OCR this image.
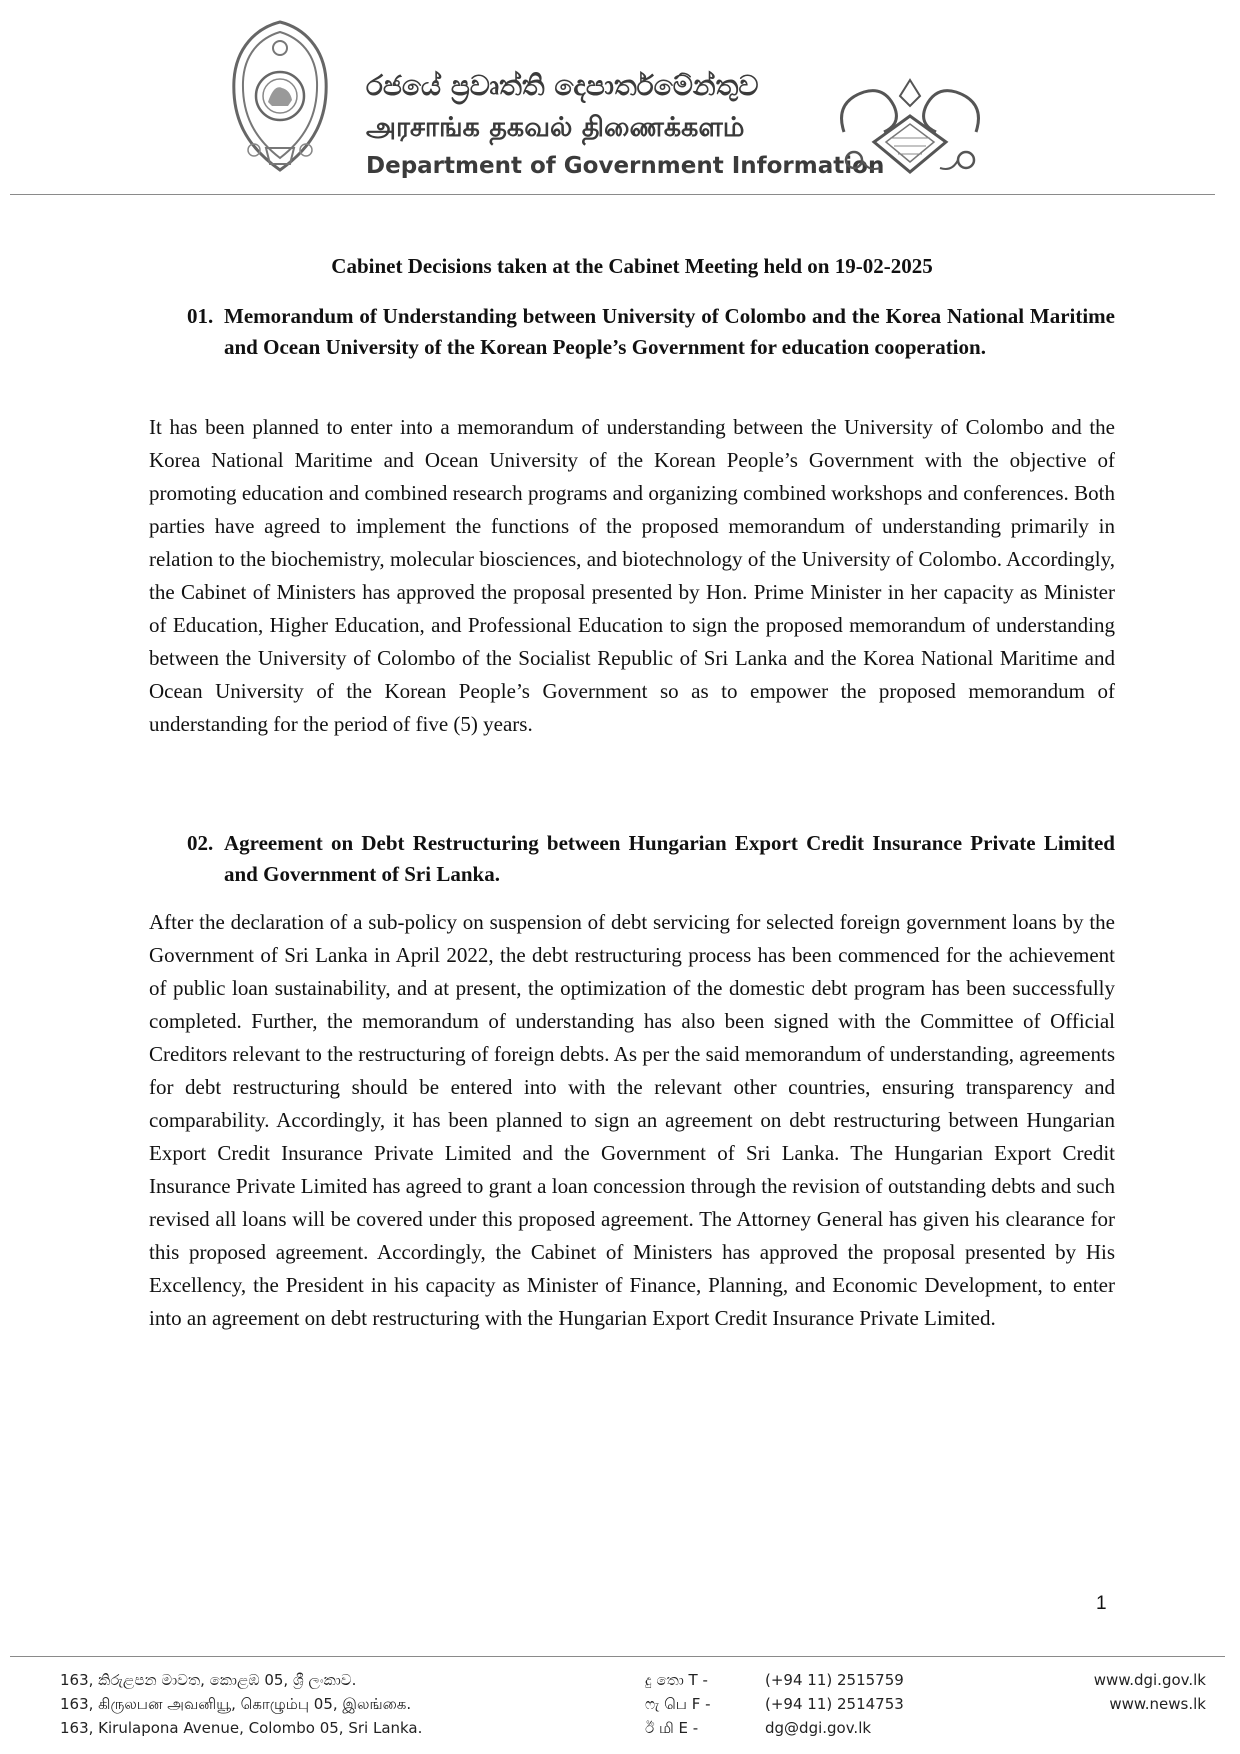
රජයේ ප්‍රවෘත්ති දෙපාර්තමේන්තුව
அரசாங்க தகவல் திணைக்களம்
Department of Government Information
Cabinet Decisions taken at the Cabinet Meeting held on 19-02-2025
01. Memorandum of Understanding between University of Colombo and the Korea National Maritime and Ocean University of the Korean People’s Government for education cooperation.
It has been planned to enter into a memorandum of understanding between the University of Colombo and the Korea National Maritime and Ocean University of the Korean People’s Government with the objective of promoting education and combined research programs and organizing combined workshops and conferences. Both parties have agreed to implement the functions of the proposed memorandum of understanding primarily in relation to the biochemistry, molecular biosciences, and biotechnology of the University of Colombo. Accordingly, the Cabinet of Ministers has approved the proposal presented by Hon. Prime Minister in her capacity as Minister of Education, Higher Education, and Professional Education to sign the proposed memorandum of understanding between the University of Colombo of the Socialist Republic of Sri Lanka and the Korea National Maritime and Ocean University of the Korean People’s Government so as to empower the proposed memorandum of understanding for the period of five (5) years.
02. Agreement on Debt Restructuring between Hungarian Export Credit Insurance Private Limited and Government of Sri Lanka.
After the declaration of a sub-policy on suspension of debt servicing for selected foreign government loans by the Government of Sri Lanka in April 2022, the debt restructuring process has been commenced for the achievement of public loan sustainability, and at present, the optimization of the domestic debt program has been successfully completed. Further, the memorandum of understanding has also been signed with the Committee of Official Creditors relevant to the restructuring of foreign debts. As per the said memorandum of understanding, agreements for debt restructuring should be entered into with the relevant other countries, ensuring transparency and comparability. Accordingly, it has been planned to sign an agreement on debt restructuring between Hungarian Export Credit Insurance Private Limited and the Government of Sri Lanka. The Hungarian Export Credit Insurance Private Limited has agreed to grant a loan concession through the revision of outstanding debts and such revised all loans will be covered under this proposed agreement. The Attorney General has given his clearance for this proposed agreement. Accordingly, the Cabinet of Ministers has approved the proposal presented by His Excellency, the President in his capacity as Minister of Finance, Planning, and Economic Development, to enter into an agreement on debt restructuring with the Hungarian Export Credit Insurance Private Limited.
1
163, කිරුළපන මාවත, කොළඹ 05, ශ්‍රී ලංකාව.
163, கிருலபன அவனியூ, கொழும்பு 05, இலங்கை.
163, Kirulapona Avenue, Colombo 05, Sri Lanka.
දු තො T -	(+94 11) 2515759
ෆැ பெ F -	(+94 11) 2514753
ඊ மி E -	dg@dgi.gov.lk
www.dgi.gov.lk
www.news.lk
